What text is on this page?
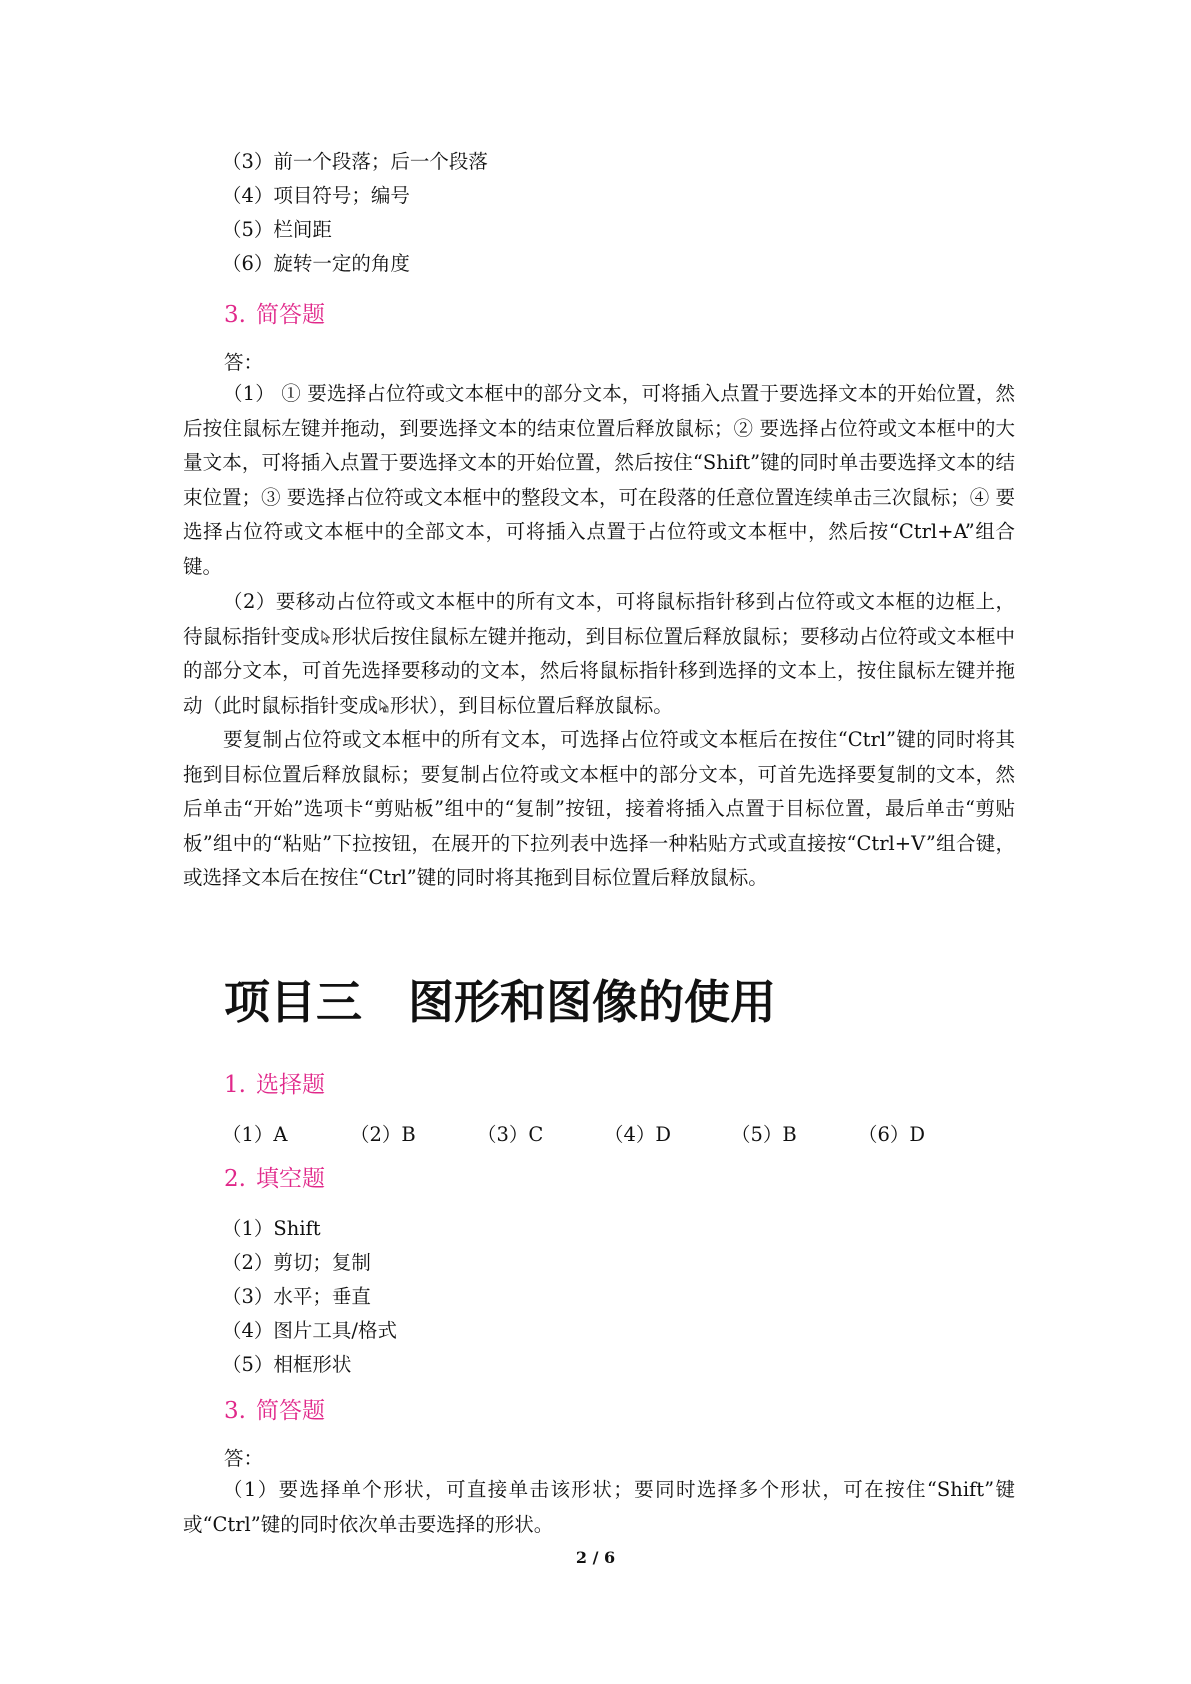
（3）前一个段落；后一个段落
（4）项目符号；编号
（5）栏间距
（6）旋转一定的角度
3. 简答题
答：
（1） ① 要选择占位符或文本框中的部分文本，可将插入点置于要选择文本的开始位置，然后按住鼠标左键并拖动，到要选择文本的结束位置后释放鼠标；② 要选择占位符或文本框中的大量文本，可将插入点置于要选择文本的开始位置，然后按住“Shift”键的同时单击要选择文本的结束位置；③ 要选择占位符或文本框中的整段文本，可在段落的任意位置连续单击三次鼠标；④ 要选择占位符或文本框中的全部文本，可将插入点置于占位符或文本框中，然后按“Ctrl+A”组合键。
（2）要移动占位符或文本框中的所有文本，可将鼠标指针移到占位符或文本框的边框上，待鼠标指针变成 形状后按住鼠标左键并拖动，到目标位置后释放鼠标；要移动占位符或文本框中的部分文本，可首先选择要移动的文本，然后将鼠标指针移到选择的文本上，按住鼠标左键并拖动（此时鼠标指针变成 形状），到目标位置后释放鼠标。
要复制占位符或文本框中的所有文本，可选择占位符或文本框后在按住“Ctrl”键的同时将其拖到目标位置后释放鼠标；要复制占位符或文本框中的部分文本，可首先选择要复制的文本，然后单击“开始”选项卡“剪贴板”组中的“复制”按钮，接着将插入点置于目标位置，最后单击“剪贴板”组中的“粘贴”下拉按钮，在展开的下拉列表中选择一种粘贴方式或直接按“Ctrl+V”组合键，或选择文本后在按住“Ctrl”键的同时将其拖到目标位置后释放鼠标。
项目三 图形和图像的使用
1. 选择题
（1）A	（2）B	（3）C	（4）D	（5）B	（6）D
2. 填空题
（1）Shift
（2）剪切；复制
（3）水平；垂直
（4）图片工具/格式
（5）相框形状
3. 简答题
答：
（1）要选择单个形状，可直接单击该形状；要同时选择多个形状，可在按住“Shift”键或“Ctrl”键的同时依次单击要选择的形状。
2 / 6
